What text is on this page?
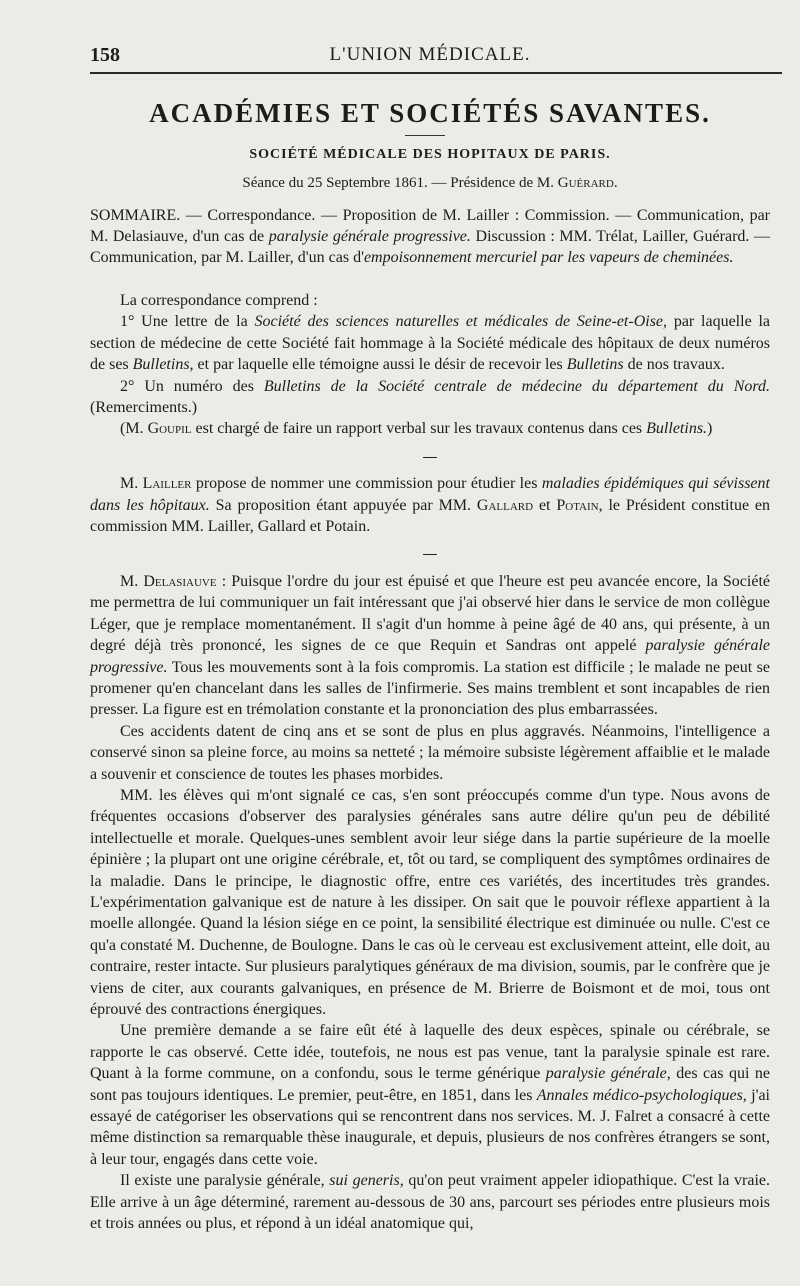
158	L'UNION MÉDICALE.
ACADÉMIES ET SOCIÉTÉS SAVANTES.
SOCIÉTÉ MÉDICALE DES HOPITAUX DE PARIS.
Séance du 25 Septembre 1861. — Présidence de M. Guérard.
SOMMAIRE. — Correspondance. — Proposition de M. Lailler : Commission. — Communication, par M. Delasiauve, d'un cas de paralysie générale progressive. Discussion : MM. Trélat, Lailler, Guérard. — Communication, par M. Lailler, d'un cas d'empoisonnement mercuriel par les vapeurs de cheminées.

La correspondance comprend :

1° Une lettre de la Société des sciences naturelles et médicales de Seine-et-Oise, par laquelle la section de médecine de cette Société fait hommage à la Société médicale des hôpitaux de deux numéros de ses Bulletins, et par laquelle elle témoigne aussi le désir de recevoir les Bulletins de nos travaux.

2° Un numéro des Bulletins de la Société centrale de médecine du département du Nord. (Remerciments.)

(M. Goupil est chargé de faire un rapport verbal sur les travaux contenus dans ces Bulletins.)

M. Lailler propose de nommer une commission pour étudier les maladies épidémiques qui sévissent dans les hôpitaux. Sa proposition étant appuyée par MM. Gallard et Potain, le Président constitue en commission MM. Lailler, Gallard et Potain.

M. Delasiauve : Puisque l'ordre du jour est épuisé et que l'heure est peu avancée encore, la Société me permettra de lui communiquer un fait intéressant que j'ai observé hier dans le service de mon collègue Léger, que je remplace momentanément. Il s'agit d'un homme à peine âgé de 40 ans, qui présente, à un degré déjà très prononcé, les signes de ce que Requin et Sandras ont appelé paralysie générale progressive. Tous les mouvements sont à la fois compromis. La station est difficile ; le malade ne peut se promener qu'en chancelant dans les salles de l'infirmerie. Ses mains tremblent et sont incapables de rien presser. La figure est en trémolation constante et la prononciation des plus embarrassées.

Ces accidents datent de cinq ans et se sont de plus en plus aggravés. Néanmoins, l'intelligence a conservé sinon sa pleine force, au moins sa netteté ; la mémoire subsiste légèrement affaiblie et le malade a souvenir et conscience de toutes les phases morbides.

MM. les élèves qui m'ont signalé ce cas, s'en sont préoccupés comme d'un type. Nous avons de fréquentes occasions d'observer des paralysies générales sans autre délire qu'un peu de débilité intellectuelle et morale. Quelques-unes semblent avoir leur siége dans la partie supérieure de la moelle épinière ; la plupart ont une origine cérébrale, et, tôt ou tard, se compliquent des symptômes ordinaires de la maladie. Dans le principe, le diagnostic offre, entre ces variétés, des incertitudes très grandes. L'expérimentation galvanique est de nature à les dissiper. On sait que le pouvoir réflexe appartient à la moelle allongée. Quand la lésion siége en ce point, la sensibilité électrique est diminuée ou nulle. C'est ce qu'a constaté M. Duchenne, de Boulogne. Dans le cas où le cerveau est exclusivement atteint, elle doit, au contraire, rester intacte. Sur plusieurs paralytiques généraux de ma division, soumis, par le confrère que je viens de citer, aux courants galvaniques, en présence de M. Brierre de Boismont et de moi, tous ont éprouvé des contractions énergiques.

Une première demande a se faire eût été à laquelle des deux espèces, spinale ou cérébrale, se rapporte le cas observé. Cette idée, toutefois, ne nous est pas venue, tant la paralysie spinale est rare. Quant à la forme commune, on a confondu, sous le terme générique paralysie générale, des cas qui ne sont pas toujours identiques. Le premier, peut-être, en 1851, dans les Annales médico-psychologiques, j'ai essayé de catégoriser les observations qui se rencontrent dans nos services. M. J. Falret a consacré à cette même distinction sa remarquable thèse inaugurale, et depuis, plusieurs de nos confrères étrangers se sont, à leur tour, engagés dans cette voie.

Il existe une paralysie générale, sui generis, qu'on peut vraiment appeler idiopathique. C'est la vraie. Elle arrive à un âge déterminé, rarement au-dessous de 30 ans, parcourt ses périodes entre plusieurs mois et trois années ou plus, et répond à un idéal anatomique qui,
